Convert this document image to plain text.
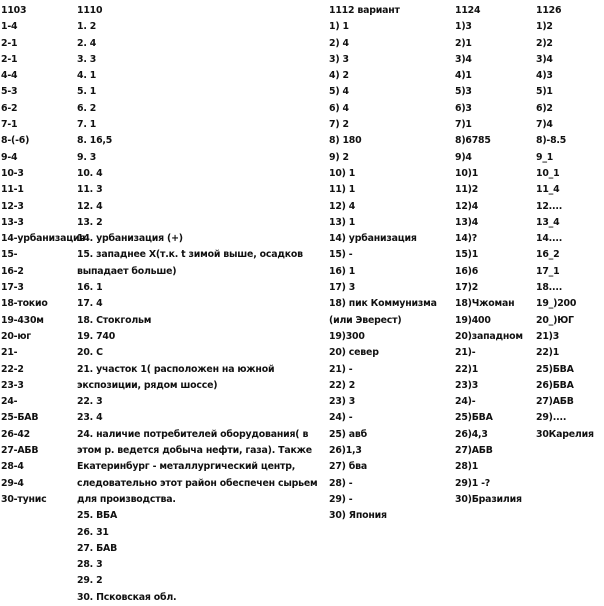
1103
1-4
2-1
2-1
4-4
5-3
6-2
7-1
8-(-6)
9-4
10-3
11-1
12-3
13-3
14-урбанизация
15-
16-2
17-3
18-токио
19-430м
20-юг
21-
22-2
23-3
24-
25-БАВ
26-42
27-АБВ
28-4
29-4
30-тунис
1110
1. 2
2. 4
3. 3
4. 1
5. 1
6. 2
7. 1
8. 16,5
9. 3
10. 4
11. 3
12. 4
13. 2
14. урбанизация (+)
15. западнее Х(т.к. t зимой выше, осадков выпадает больше)
16. 1
17. 4
18. Стокгольм
19. 740
20. С
21. участок 1( расположен на южной экспозиции, рядом шоссе)
22. 3
23. 4
24. наличие потребителей оборудования( в этом р. ведется добыча нефти, газа). Также Екатеринбург - металлургический центр, следовательно этот район обеспечен сырьем для производства.
25. ВБА
26. 31
27. БАВ
28. 3
29. 2
30. Псковская обл.
1112 вариант
1) 1
2) 4
3) 3
4) 2
5) 4
6) 4
7) 2
8) 180
9) 2
10) 1
11) 1
12) 4
13) 1
14) урбанизация
15) -
16) 1
17) 3
18) пик Коммунизма (или Эверест)
19)300
20) север
21) -
22) 2
23) 3
24) -
25) авб
26)1,3
27) бва
28) -
29) -
30) Япония
1124
1)3
2)1
3)4
4)1
5)3
6)3
7)1
8)6785
9)4
10)1
11)2
12)4
13)4
14)?
15)1
16)6
17)2
18)Чжоман
19)400
20)западном
21)-
22)1
23)3
24)-
25)БВА
26)4,3
27)АБВ
28)1
29)1 -?
30)Бразилия
1126
1)2
2)2
3)4
4)3
5)1
6)2
7)4
8)-8.5
9_1
10_1
11_4
12....
13_4
14....
16_2
17_1
18....
19_)200
20_)ЮГ
21)3
22)1
25)БВА
26)БВА
27)АБВ
29)....
30Карелия
